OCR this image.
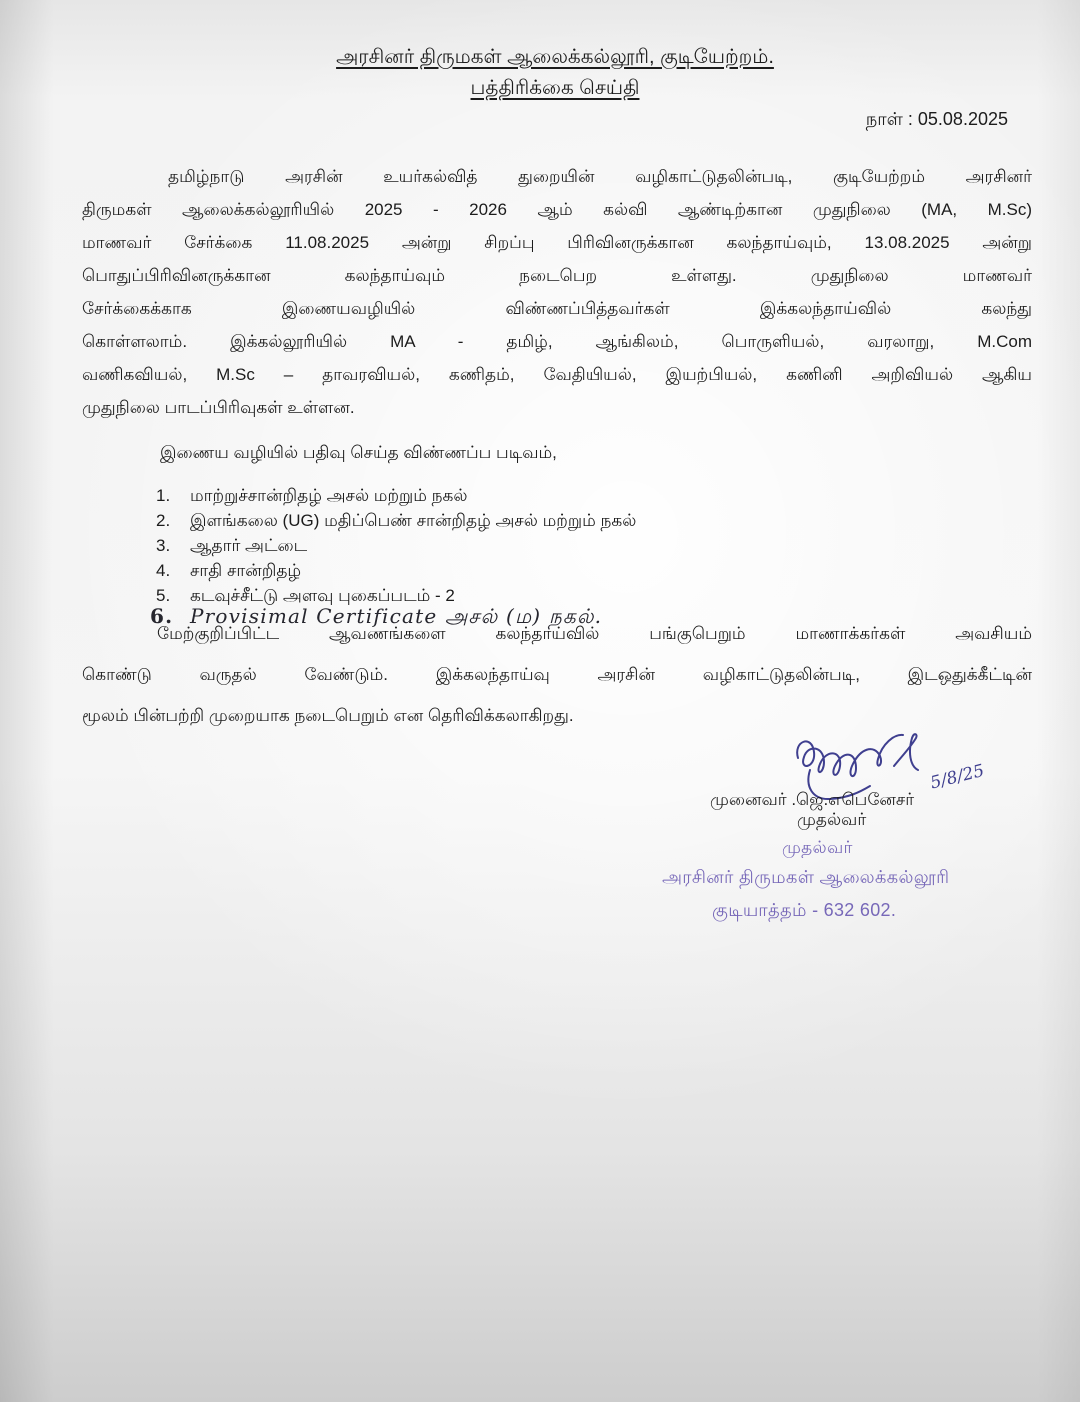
அரசினர் திருமகள் ஆலைக்கல்லூரி, குடியேற்றம்.
பத்திரிக்கை செய்தி
நாள் : 05.08.2025
தமிழ்நாடு அரசின் உயர்கல்வித் துறையின் வழிகாட்டுதலின்படி, குடியேற்றம் அரசினர்
திருமகள் ஆலைக்கல்லூரியில் 2025 - 2026 ஆம் கல்வி ஆண்டிற்கான முதுநிலை (MA, M.Sc)
மாணவர் சேர்க்கை 11.08.2025 அன்று சிறப்பு பிரிவினருக்கான கலந்தாய்வும், 13.08.2025 அன்று
பொதுப்பிரிவினருக்கான கலந்தாய்வும் நடைபெற உள்ளது. முதுநிலை மாணவர்
சேர்க்கைக்காக இணையவழியில் விண்ணப்பித்தவர்கள் இக்கலந்தாய்வில் கலந்து
கொள்ளலாம். இக்கல்லூரியில் MA - தமிழ், ஆங்கிலம், பொருளியல், வரலாறு, M.Com
வணிகவியல், M.Sc – தாவரவியல், கணிதம், வேதியியல், இயற்பியல், கணினி அறிவியல் ஆகிய
முதுநிலை பாடப்பிரிவுகள் உள்ளன.
இணைய வழியில் பதிவு செய்த விண்ணப்ப படிவம்,
1.	மாற்றுச்சான்றிதழ் அசல் மற்றும் நகல்
2.	இளங்கலை (UG) மதிப்பெண் சான்றிதழ் அசல் மற்றும் நகல்
3.	ஆதார் அட்டை
4.	சாதி சான்றிதழ்
5.	கடவுச்சீட்டு அளவு புகைப்படம் - 2
6. Provisimal Certificate அசல் (ம) நகல்.
மேற்குறிப்பிட்ட ஆவணங்களை கலந்தாய்வில் பங்குபெறும் மாணாக்கர்கள் அவசியம்
கொண்டு வருதல் வேண்டும். இக்கலந்தாய்வு அரசின் வழிகாட்டுதலின்படி, இடஒதுக்கீட்டின்
மூலம் பின்பற்றி முறையாக நடைபெறும் என தெரிவிக்கலாகிறது.
5/8/25
முனைவர் .ஜெ.எபெனேசர்
முதல்வர்
முதல்வர்
அரசினர் திருமகள் ஆலைக்கல்லூரி
குடியாத்தம் - 632 602.
